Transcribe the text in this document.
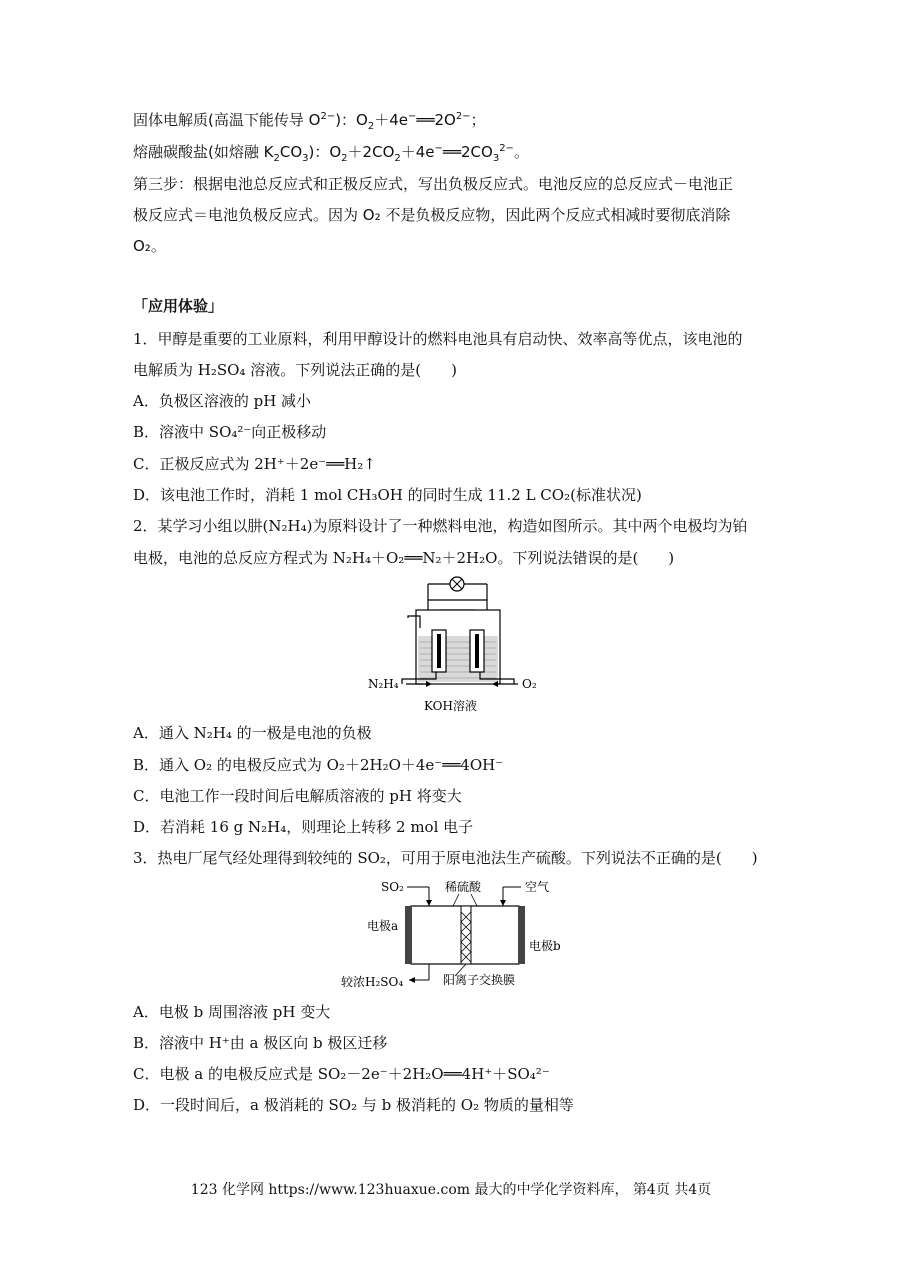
固体电解质(高温下能传导 $O^{2-}$)：$O_2+4e^-══2O^{2-}$；
熔融碳酸盐(如熔融 $K_2CO_3$)：$O_2+2CO_2+4e^-══2CO_3^{2-}$。
第三步：根据电池总反应式和正极反应式，写出负极反应式。电池反应的总反应式－电池正
极反应式＝电池负极反应式。因为 O₂ 不是负极反应物，因此两个反应式相减时要彻底消除
O₂。
「应用体验」
1．甲醇是重要的工业原料，利用甲醇设计的燃料电池具有启动快、效率高等优点，该电池的
电解质为 H₂SO₄ 溶液。下列说法正确的是(　　)
A．负极区溶液的 pH 减小
B．溶液中 SO₄²⁻向正极移动
C．正极反应式为 2H⁺＋2e⁻══H₂↑
D．该电池工作时，消耗 1 mol CH₃OH 的同时生成 11.2 L CO₂(标准状况)
2．某学习小组以肼(N₂H₄)为原料设计了一种燃料电池，构造如图所示。其中两个电极均为铂
电极，电池的总反应方程式为 N₂H₄＋O₂══N₂＋2H₂O。下列说法错误的是(　　)
N₂H₄	O₂
KOH溶液
A．通入 N₂H₄ 的一极是电池的负极
B．通入 O₂ 的电极反应式为 O₂＋2H₂O＋4e⁻══4OH⁻
C．电池工作一段时间后电解质溶液的 pH 将变大
D．若消耗 16 g N₂H₄，则理论上转移 2 mol 电子
3．热电厂尾气经处理得到较纯的 SO₂，可用于原电池法生产硫酸。下列说法不正确的是(　　)
SO₂	稀硫酸	空气
电极a
电极b
较浓H₂SO₄	阳离子交换膜
A．电极 b 周围溶液 pH 变大
B．溶液中 H⁺由 a 极区向 b 极区迁移
C．电极 a 的电极反应式是 SO₂－2e⁻＋2H₂O══4H⁺＋SO₄²⁻
D．一段时间后，a 极消耗的 SO₂ 与 b 极消耗的 O₂ 物质的量相等
123 化学网 https://www.123huaxue.com 最大的中学化学资料库， 第4页 共4页
